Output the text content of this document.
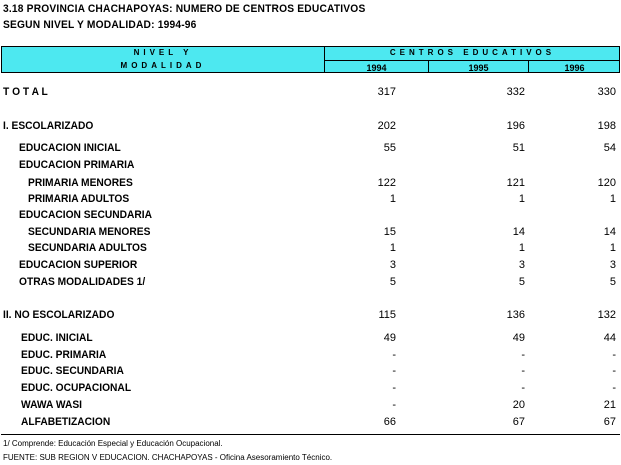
3.18 PROVINCIA CHACHAPOYAS: NUMERO DE CENTROS EDUCATIVOS
SEGUN NIVEL Y MODALIDAD: 1994-96
NIVEL Y
MODALIDAD
CENTROS EDUCATIVOS
1994	1995	1996
T O T A L	317	332	330
I. ESCOLARIZADO	202	196	198
EDUCACION INICIAL	55	51	54
EDUCACION PRIMARIA
PRIMARIA MENORES	122	121	120
PRIMARIA ADULTOS	1	1	1
EDUCACION SECUNDARIA
SECUNDARIA MENORES	15	14	14
SECUNDARIA ADULTOS	1	1	1
EDUCACION SUPERIOR	3	3	3
OTRAS MODALIDADES 1/	5	5	5
II. NO ESCOLARIZADO	115	136	132
EDUC. INICIAL	49	49	44
EDUC. PRIMARIA	-	-	-
EDUC. SECUNDARIA	-	-	-
EDUC. OCUPACIONAL	-	-	-
WAWA WASI	-	20	21
ALFABETIZACION	66	67	67
1/ Comprende: Educación Especial y Educación Ocupacional.
FUENTE: SUB REGION V EDUCACION. CHACHAPOYAS - Oficina Asesoramiento Técnico.
